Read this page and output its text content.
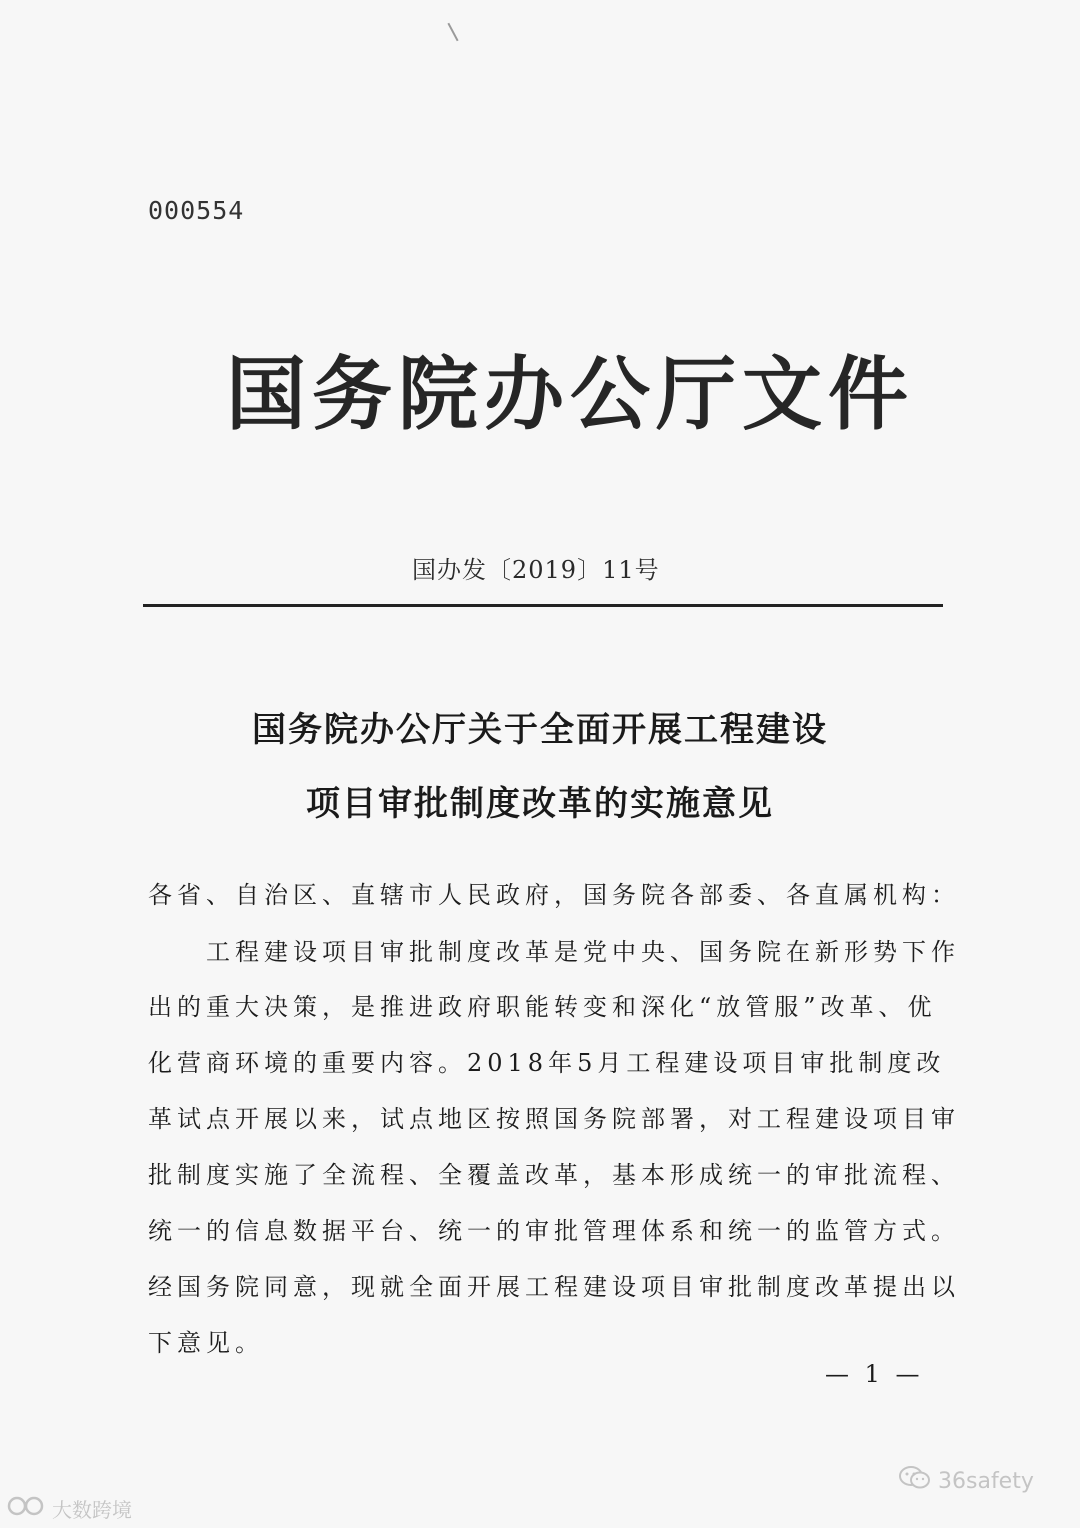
000554
国务院办公厅文件
国办发〔2019〕11号
国务院办公厅关于全面开展工程建设
项目审批制度改革的实施意见
各省、自治区、直辖市人民政府，国务院各部委、各直属机构：
　　工程建设项目审批制度改革是党中央、国务院在新形势下作
出的重大决策，是推进政府职能转变和深化“放管服”改革、优
化营商环境的重要内容。2018年5月工程建设项目审批制度改
革试点开展以来，试点地区按照国务院部署，对工程建设项目审
批制度实施了全流程、全覆盖改革，基本形成统一的审批流程、
统一的信息数据平台、统一的审批管理体系和统一的监管方式。
经国务院同意，现就全面开展工程建设项目审批制度改革提出以
下意见。
— 1 —
大数跨境
36safety
